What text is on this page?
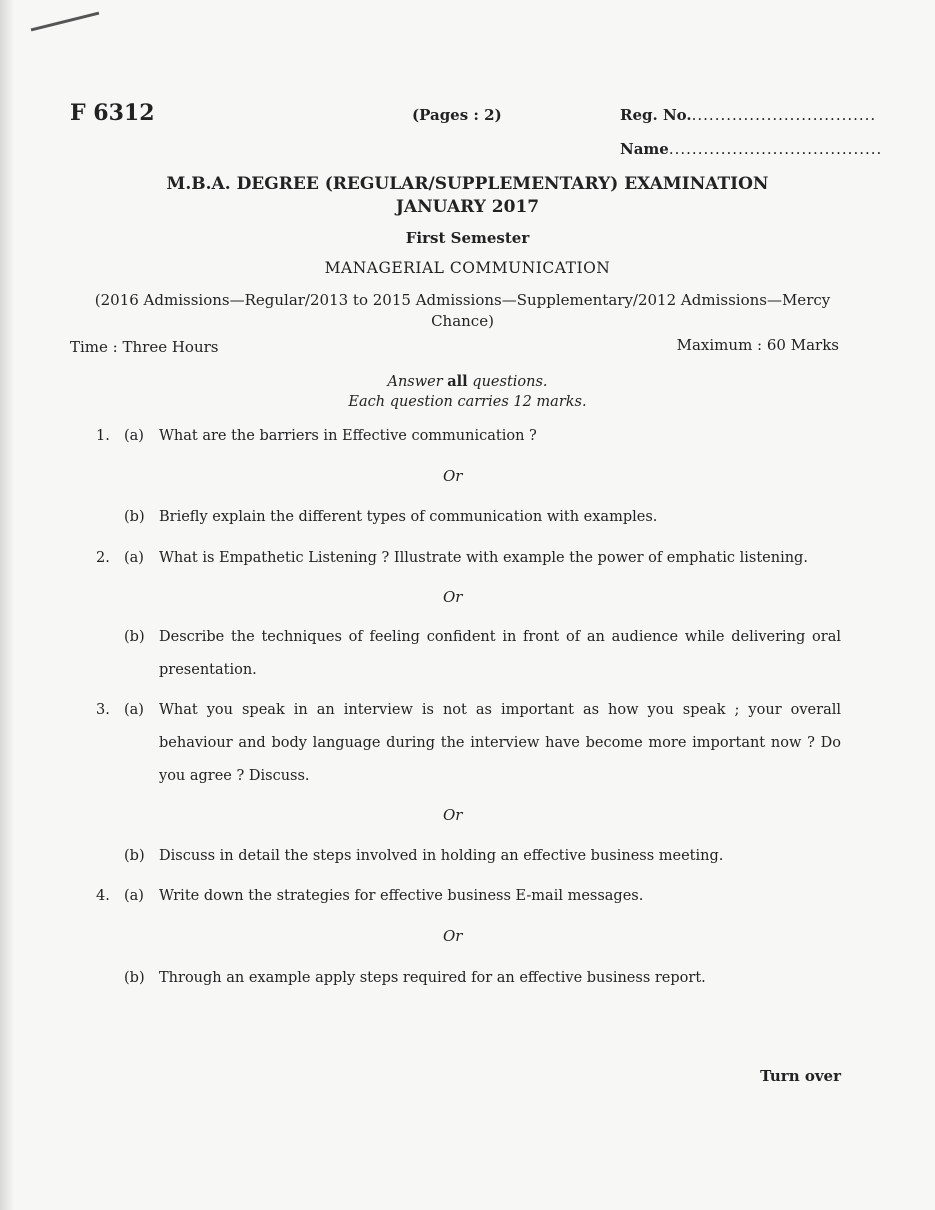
F 6312	(Pages : 2)	Reg. No.................................
Name.....................................
M.B.A. DEGREE (REGULAR/SUPPLEMENTARY) EXAMINATION
JANUARY 2017
First Semester
MANAGERIAL COMMUNICATION
(2016 Admissions—Regular/2013 to 2015 Admissions—Supplementary/2012 Admissions—Mercy Chance)
Time : Three Hours	Maximum : 60 Marks
Answer all questions.
Each question carries 12 marks.
1. (a) What are the barriers in Effective communication ?
Or
(b) Briefly explain the different types of communication with examples.
2. (a) What is Empathetic Listening ? Illustrate with example the power of emphatic listening.
Or
(b) Describe the techniques of feeling confident in front of an audience while delivering oral presentation.
3. (a) What you speak in an interview is not as important as how you speak ; your overall behaviour and body language during the interview have become more important now ? Do you agree ? Discuss.
Or
(b) Discuss in detail the steps involved in holding an effective business meeting.
4. (a) Write down the strategies for effective business E-mail messages.
Or
(b) Through an example apply steps required for an effective business report.
Turn over
